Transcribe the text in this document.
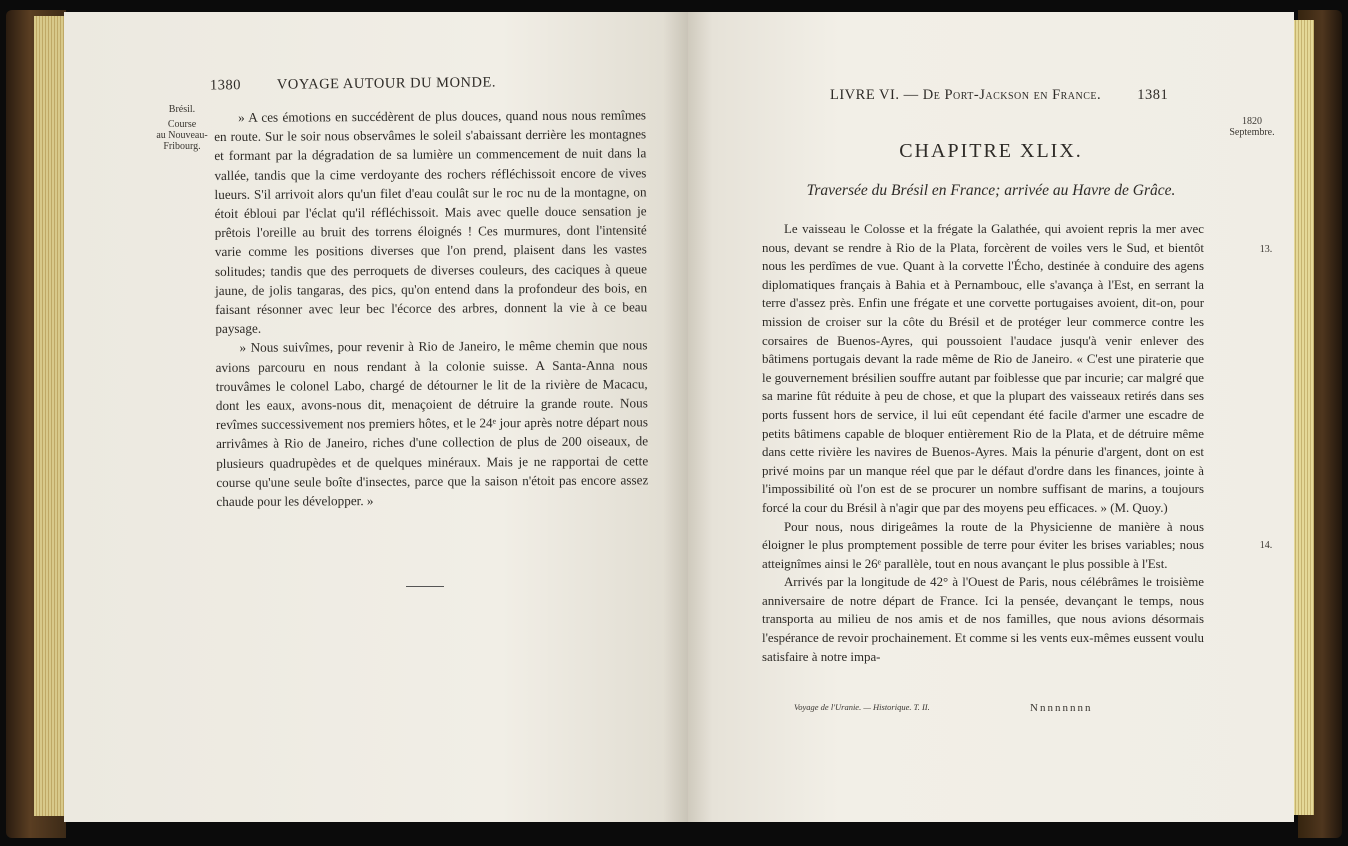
1380 VOYAGE AUTOUR DU MONDE.
Brésil.
Course
au Nouveau-
Fribourg.

» A ces émotions en succédèrent de plus douces, quand nous nous remîmes en route. Sur le soir nous observâmes le soleil s'abaissant derrière les montagnes et formant par la dégradation de sa lumière un commencement de nuit dans la vallée, tandis que la cime verdoyante des rochers réfléchissoit encore de vives lueurs. S'il arrivoit alors qu'un filet d'eau coulât sur le roc nu de la montagne, on étoit ébloui par l'éclat qu'il réfléchissoit. Mais avec quelle douce sensation je prêtois l'oreille au bruit des torrens éloignés ! Ces murmures, dont l'intensité varie comme les positions diverses que l'on prend, plaisent dans les vastes solitudes; tandis que des perroquets de diverses couleurs, des caciques à queue jaune, de jolis tangaras, des pics, qu'on entend dans la profondeur des bois, en faisant résonner avec leur bec l'écorce des arbres, donnent la vie à ce beau paysage.

» Nous suivîmes, pour revenir à Rio de Janeiro, le même chemin que nous avions parcouru en nous rendant à la colonie suisse. A Santa-Anna nous trouvâmes le colonel Labo, chargé de détourner le lit de la rivière de Macacu, dont les eaux, avons-nous dit, menaçoient de détruire la grande route. Nous revîmes successivement nos premiers hôtes, et le 24ᵉ jour après notre départ nous arrivâmes à Rio de Janeiro, riches d'une collection de plus de 200 oiseaux, de plusieurs quadrupèdes et de quelques minéraux. Mais je ne rapportai de cette course qu'une seule boîte d'insectes, parce que la saison n'étoit pas encore assez chaude pour les développer. »

LIVRE VI. — De Port-Jackson en France. 1381
1820
Septembre.
13.
14.
CHAPITRE XLIX.
Traversée du Brésil en France; arrivée au Havre de Grâce.

Le vaisseau le Colosse et la frégate la Galathée, qui avoient repris la mer avec nous, devant se rendre à Rio de la Plata, forcèrent de voiles vers le Sud, et bientôt nous les perdîmes de vue. Quant à la corvette l'Écho, destinée à conduire des agens diplomatiques français à Bahia et à Pernambouc, elle s'avança à l'Est, en serrant la terre d'assez près. Enfin une frégate et une corvette portugaises avoient, dit-on, pour mission de croiser sur la côte du Brésil et de protéger leur commerce contre les corsaires de Buenos-Ayres, qui poussoient l'audace jusqu'à venir enlever des bâtimens portugais devant la rade même de Rio de Janeiro. « C'est une piraterie que le gouvernement brésilien souffre autant par foiblesse que par incurie; car malgré que sa marine fût réduite à peu de chose, et que la plupart des vaisseaux retirés dans ses ports fussent hors de service, il lui eût cependant été facile d'armer une escadre de petits bâtimens capable de bloquer entièrement Rio de la Plata, et de détruire même dans cette rivière les navires de Buenos-Ayres. Mais la pénurie d'argent, dont on est privé moins par un manque réel que par le défaut d'ordre dans les finances, jointe à l'impossibilité où l'on est de se procurer un nombre suffisant de marins, a toujours forcé la cour du Brésil à n'agir que par des moyens peu efficaces. » (M. Quoy.)

Pour nous, nous dirigeâmes la route de la Physicienne de manière à nous éloigner le plus promptement possible de terre pour éviter les brises variables; nous atteignîmes ainsi le 26ᵉ parallèle, tout en nous avançant le plus possible à l'Est.

Arrivés par la longitude de 42° à l'Ouest de Paris, nous célébrâmes le troisième anniversaire de notre départ de France. Ici la pensée, devançant le temps, nous transporta au milieu de nos amis et de nos familles, que nous avions désormais l'espérance de revoir prochainement. Et comme si les vents eux-mêmes eussent voulu satisfaire à notre impa-

Voyage de l'Uranie. — Historique. T. II.	Nnnnnnnn
